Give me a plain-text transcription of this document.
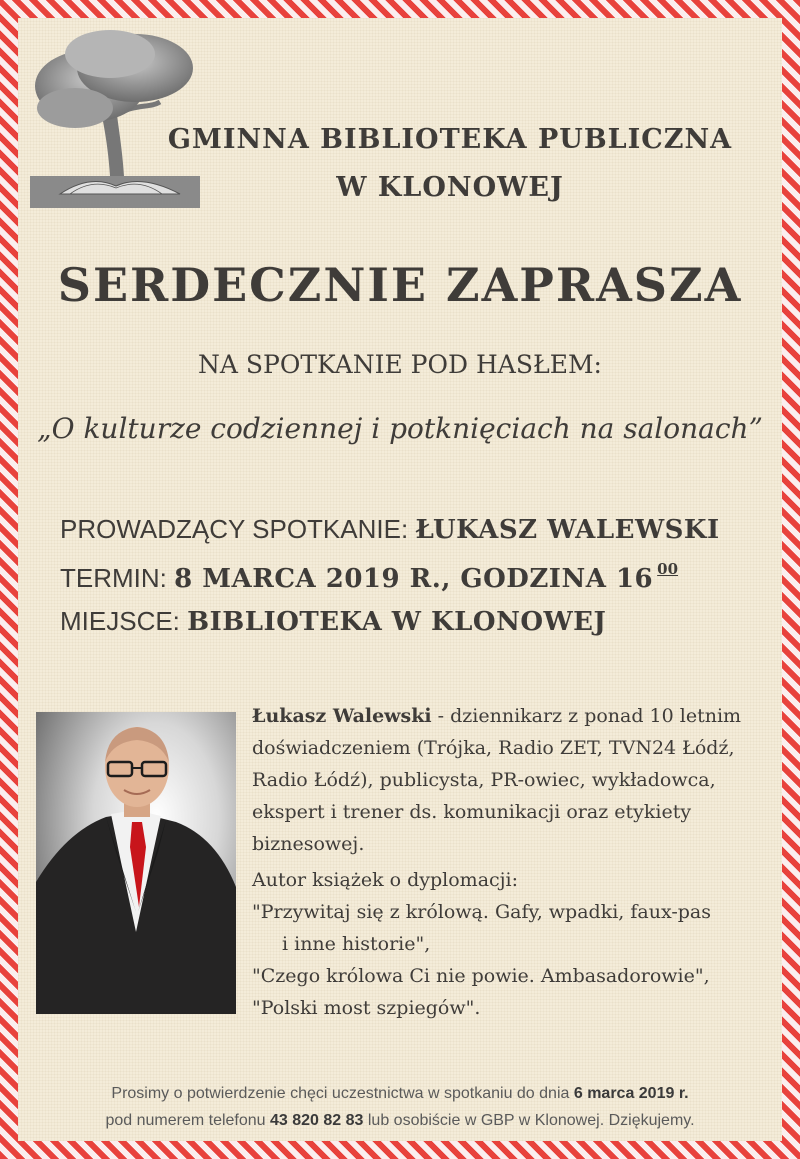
GMINNA BIBLIOTEKA PUBLICZNA
W KLONOWEJ
SERDECZNIE ZAPRASZA
NA SPOTKANIE POD HASŁEM:
„O kulturze codziennej i potknięciach na salonach”
PROWADZĄCY SPOTKANIE: ŁUKASZ WALEWSKI
TERMIN: 8 MARCA 2019 R., GODZINA 16 $^{00}$
MIEJSCE: BIBLIOTEKA W KLONOWEJ

Łukasz Walewski - dziennikarz z ponad 10 letnim doświadczeniem (Trójka, Radio ZET, TVN24 Łódź, Radio Łódź), publicysta, PR-owiec, wykładowca, ekspert i trener ds. komunikacji oraz etykiety biznesowej.

Autor książek o dyplomacji:
"Przywitaj się z królową. Gafy, wpadki, faux-pas
i inne historie",
"Czego królowa Ci nie powie. Ambasadorowie",
"Polski most szpiegów".
Prosimy o potwierdzenie chęci uczestnictwa w spotkaniu do dnia 6 marca 2019 r.
pod numerem telefonu 43 820 82 83 lub osobiście w GBP w Klonowej. Dziękujemy.
